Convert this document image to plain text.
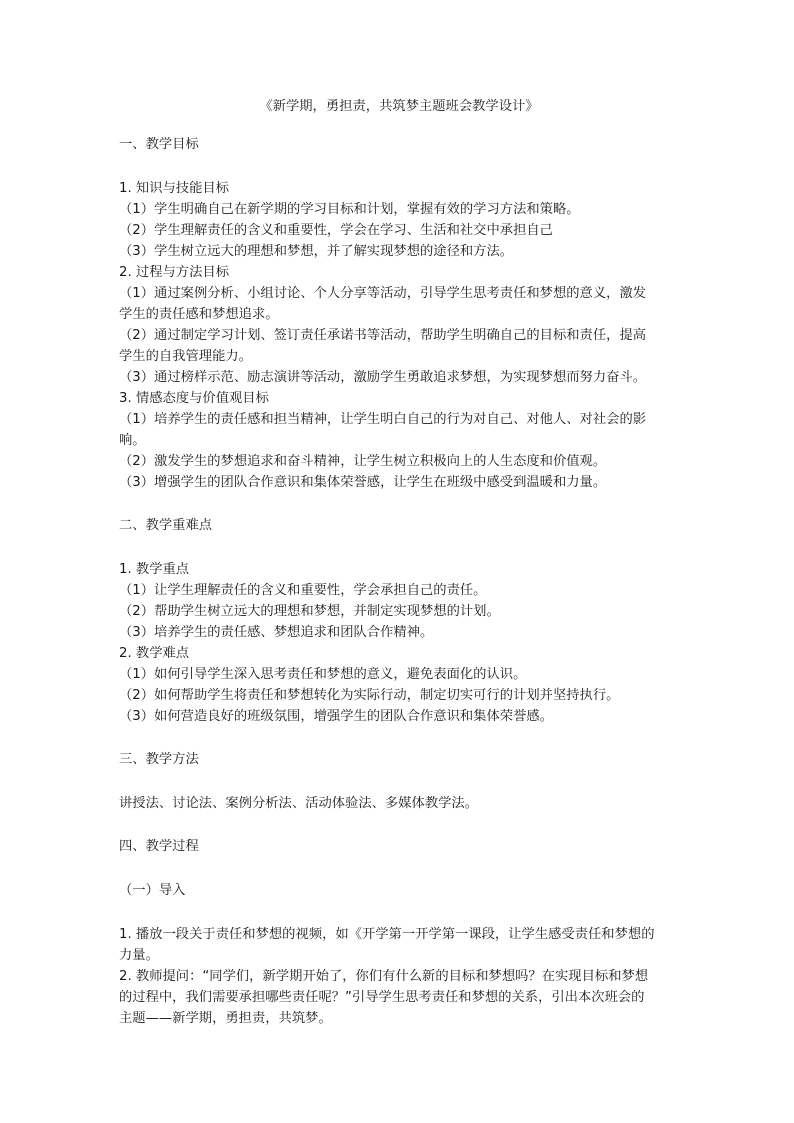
《新学期，勇担责，共筑梦主题班会教学设计》
一、教学目标
1. 知识与技能目标
（1）学生明确自己在新学期的学习目标和计划，掌握有效的学习方法和策略。
（2）学生理解责任的含义和重要性，学会在学习、生活和社交中承担自己
（3）学生树立远大的理想和梦想，并了解实现梦想的途径和方法。
2. 过程与方法目标
（1）通过案例分析、小组讨论、个人分享等活动，引导学生思考责任和梦想的意义，激发
学生的责任感和梦想追求。
（2）通过制定学习计划、签订责任承诺书等活动，帮助学生明确自己的目标和责任，提高
学生的自我管理能力。
（3）通过榜样示范、励志演讲等活动，激励学生勇敢追求梦想，为实现梦想而努力奋斗。
3. 情感态度与价值观目标
（1）培养学生的责任感和担当精神，让学生明白自己的行为对自己、对他人、对社会的影
响。
（2）激发学生的梦想追求和奋斗精神，让学生树立积极向上的人生态度和价值观。
（3）增强学生的团队合作意识和集体荣誉感，让学生在班级中感受到温暖和力量。
二、教学重难点
1. 教学重点
（1）让学生理解责任的含义和重要性，学会承担自己的责任。
（2）帮助学生树立远大的理想和梦想，并制定实现梦想的计划。
（3）培养学生的责任感、梦想追求和团队合作精神。
2. 教学难点
（1）如何引导学生深入思考责任和梦想的意义，避免表面化的认识。
（2）如何帮助学生将责任和梦想转化为实际行动，制定切实可行的计划并坚持执行。
（3）如何营造良好的班级氛围，增强学生的团队合作意识和集体荣誉感。
三、教学方法
讲授法、讨论法、案例分析法、活动体验法、多媒体教学法。
四、教学过程
（一）导入
1. 播放一段关于责任和梦想的视频，如《开学第一开学第一课段，让学生感受责任和梦想的
力量。
2. 教师提问：“同学们，新学期开始了，你们有什么新的目标和梦想吗？在实现目标和梦想
的过程中，我们需要承担哪些责任呢？”引导学生思考责任和梦想的关系，引出本次班会的
主题——新学期，勇担责，共筑梦。
